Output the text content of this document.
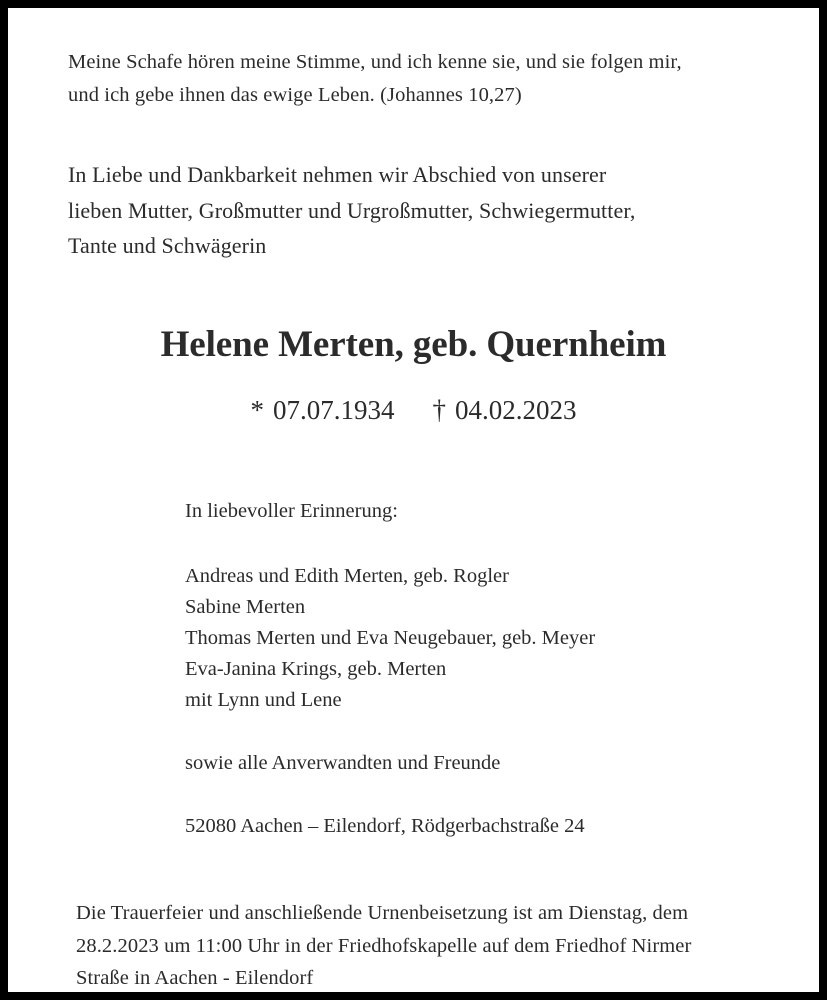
Meine Schafe hören meine Stimme, und ich kenne sie, und sie folgen mir,
und ich gebe ihnen das ewige Leben. (Johannes 10,27)

In Liebe und Dankbarkeit nehmen wir Abschied von unserer
lieben Mutter, Großmutter und Urgroßmutter, Schwiegermutter,
Tante und Schwägerin

Helene Merten, geb. Quernheim

* 07.07.1934 † 04.02.2023

In liebevoller Erinnerung:

Andreas und Edith Merten, geb. Rogler
Sabine Merten
Thomas Merten und Eva Neugebauer, geb. Meyer
Eva-Janina Krings, geb. Merten
mit Lynn und Lene

sowie alle Anverwandten und Freunde

52080 Aachen – Eilendorf, Rödgerbachstraße 24

Die Trauerfeier und anschließende Urnenbeisetzung ist am Dienstag, dem
28.2.2023 um 11:00 Uhr in der Friedhofskapelle auf dem Friedhof Nirmer
Straße in Aachen - Eilendorf
